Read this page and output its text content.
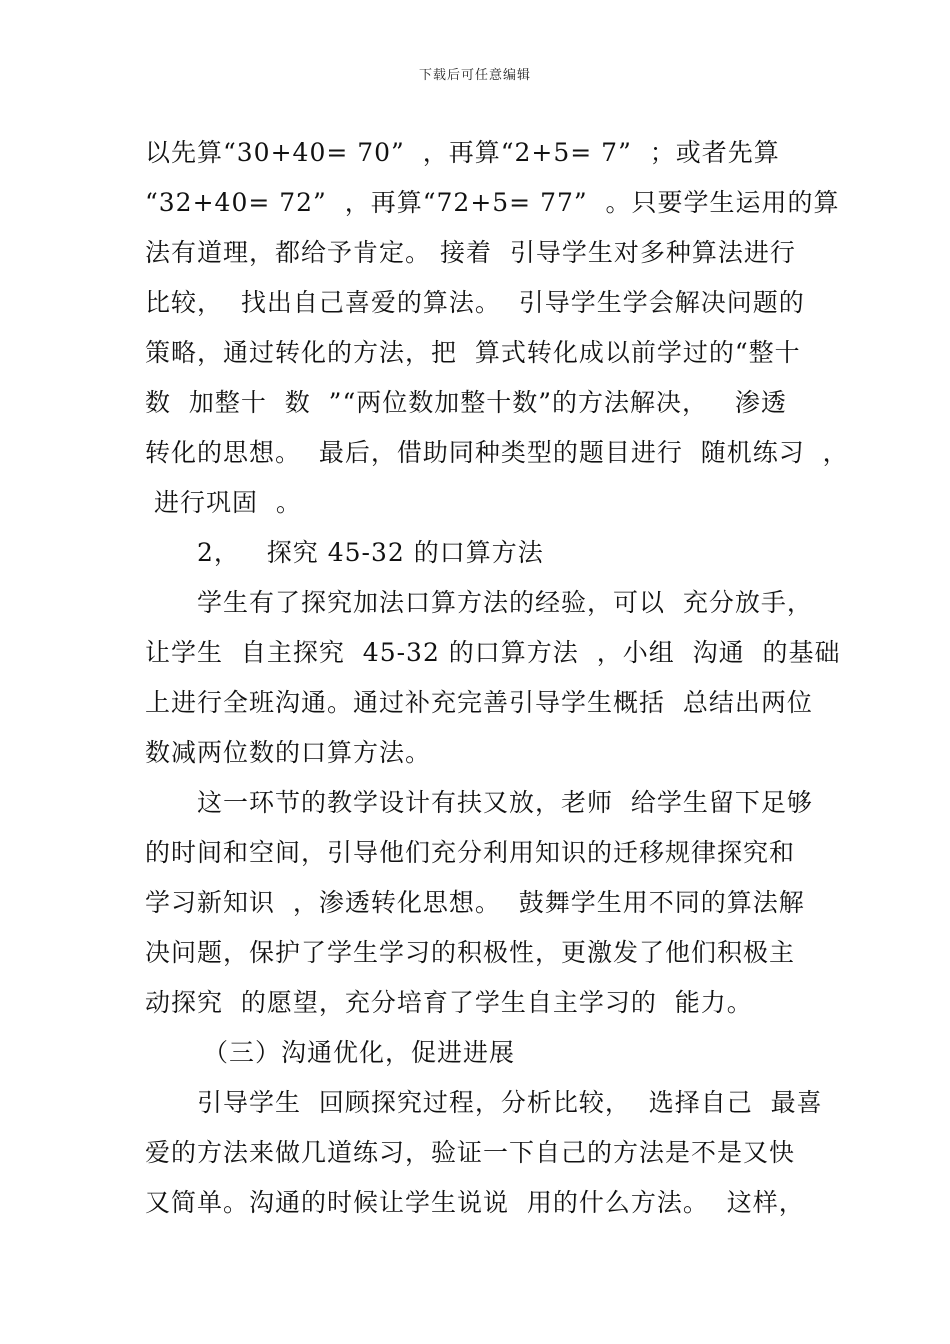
下载后可任意编辑
以先算“30+40= 70”  ，再算“2+5= 7”  ；或者先算
“32+40= 72”  ，再算“72+5= 77”  。只要学生运用的算
法有道理，都给予肯定。 接着  引导学生对多种算法进行
比较，  找出自己喜爱的算法。  引导学生学会解决问题的
策略，通过转化的方法，把  算式转化成以前学过的“整十
数  加整十  数  ”“两位数加整十数”的方法解决，   渗透
转化的思想。  最后，借助同种类型的题目进行  随机练习  ，
进行巩固  。
2，   探究 45-32 的口算方法
学生有了探究加法口算方法的经验，可以  充分放手，
让学生  自主探究  45-32 的口算方法  ，小组  沟通  的基础
上进行全班沟通。通过补充完善引导学生概括  总结出两位
数减两位数的口算方法。
这一环节的教学设计有扶又放，老师  给学生留下足够
的时间和空间，引导他们充分利用知识的迁移规律探究和
学习新知识  ，渗透转化思想。  鼓舞学生用不同的算法解
决问题，保护了学生学习的积极性，更激发了他们积极主
动探究  的愿望，充分培育了学生自主学习的  能力。
（三）沟通优化，促进进展
引导学生  回顾探究过程，分析比较，  选择自己  最喜
爱的方法来做几道练习，验证一下自己的方法是不是又快
又简单。沟通的时候让学生说说  用的什么方法。  这样，
